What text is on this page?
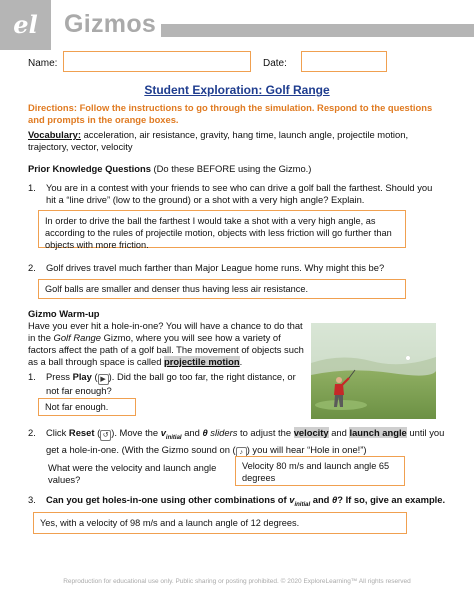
el	Gizmos
Name:	Date:
Student Exploration: Golf Range
Directions: Follow the instructions to go through the simulation. Respond to the questions and prompts in the orange boxes.
Vocabulary: acceleration, air resistance, gravity, hang time, launch angle, projectile motion, trajectory, vector, velocity
Prior Knowledge Questions (Do these BEFORE using the Gizmo.)
1. You are in a contest with your friends to see who can drive a golf ball the farthest. Should you hit a “line drive” (low to the ground) or a shot with a very high angle? Explain.
In order to drive the ball the farthest I would take a shot with a very high angle, as according to the rules of projectile motion, objects with less friction will go further than objects with more friction.
2. Golf drives travel much farther than Major League home runs. Why might this be?
Golf balls are smaller and denser thus having less air resistance.
Gizmo Warm-up
Have you ever hit a hole-in-one? You will have a chance to do that in the Golf Range Gizmo, where you will see how a variety of factors affect the path of a golf ball. The movement of objects such as a ball through space is called projectile motion.
1. Press Play ( ▶ ). Did the ball go too far, the right distance, or not far enough?
Not far enough.
2. Click Reset ( ↺ ). Move the $v_{initial}$ and θ sliders to adjust the velocity and launch angle until you get a hole-in-one. (With the Gizmo sound on ( ♪ ) you will hear “Hole in one!”)
What were the velocity and launch angle values?
Velocity 80 m/s and launch angle 65 degrees
3. Can you get holes-in-one using other combinations of $v_{initial}$ and θ? If so, give an example.
Yes, with a velocity of 98 m/s and a launch angle of 12 degrees.
Reproduction for educational use only. Public sharing or posting prohibited. © 2020 ExploreLearning™ All rights reserved
